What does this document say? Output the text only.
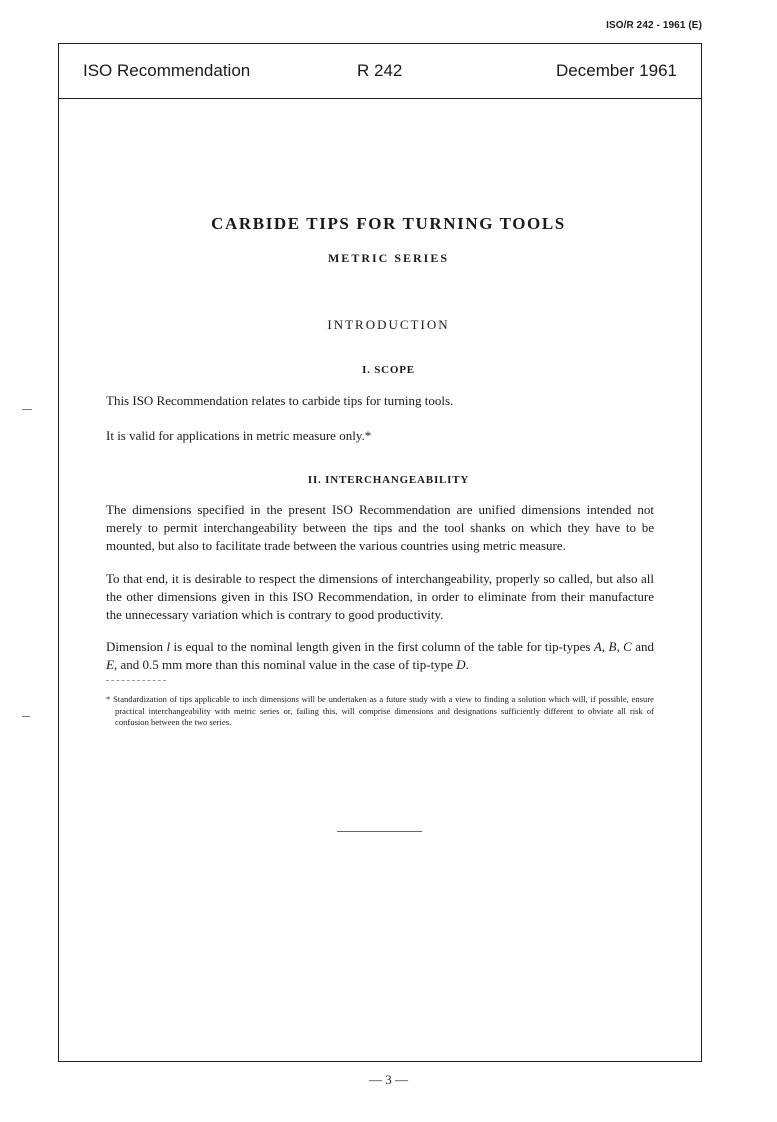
ISO/R 242 - 1961 (E)
ISO Recommendation	R 242	December 1961
CARBIDE TIPS FOR TURNING TOOLS
METRIC SERIES
INTRODUCTION
I. SCOPE
This ISO Recommendation relates to carbide tips for turning tools.
It is valid for applications in metric measure only.*
II. INTERCHANGEABILITY
The dimensions specified in the present ISO Recommendation are unified dimensions intended not merely to permit interchangeability between the tips and the tool shanks on which they have to be mounted, but also to facilitate trade between the various countries using metric measure.
To that end, it is desirable to respect the dimensions of interchangeability, properly so called, but also all the other dimensions given in this ISO Recommendation, in order to eliminate from their manufacture the unnecessary variation which is contrary to good productivity.
Dimension l is equal to the nominal length given in the first column of the table for tip-types A, B, C and E, and 0.5 mm more than this nominal value in the case of tip-type D.
* Standardization of tips applicable to inch dimensions will be undertaken as a future study with a view to finding a solution which will, if possible, ensure practical interchangeability with metric series or, failing this, will comprise dimensions and designations sufficiently different to obviate all risk of confusion between the two series.
— 3 —
